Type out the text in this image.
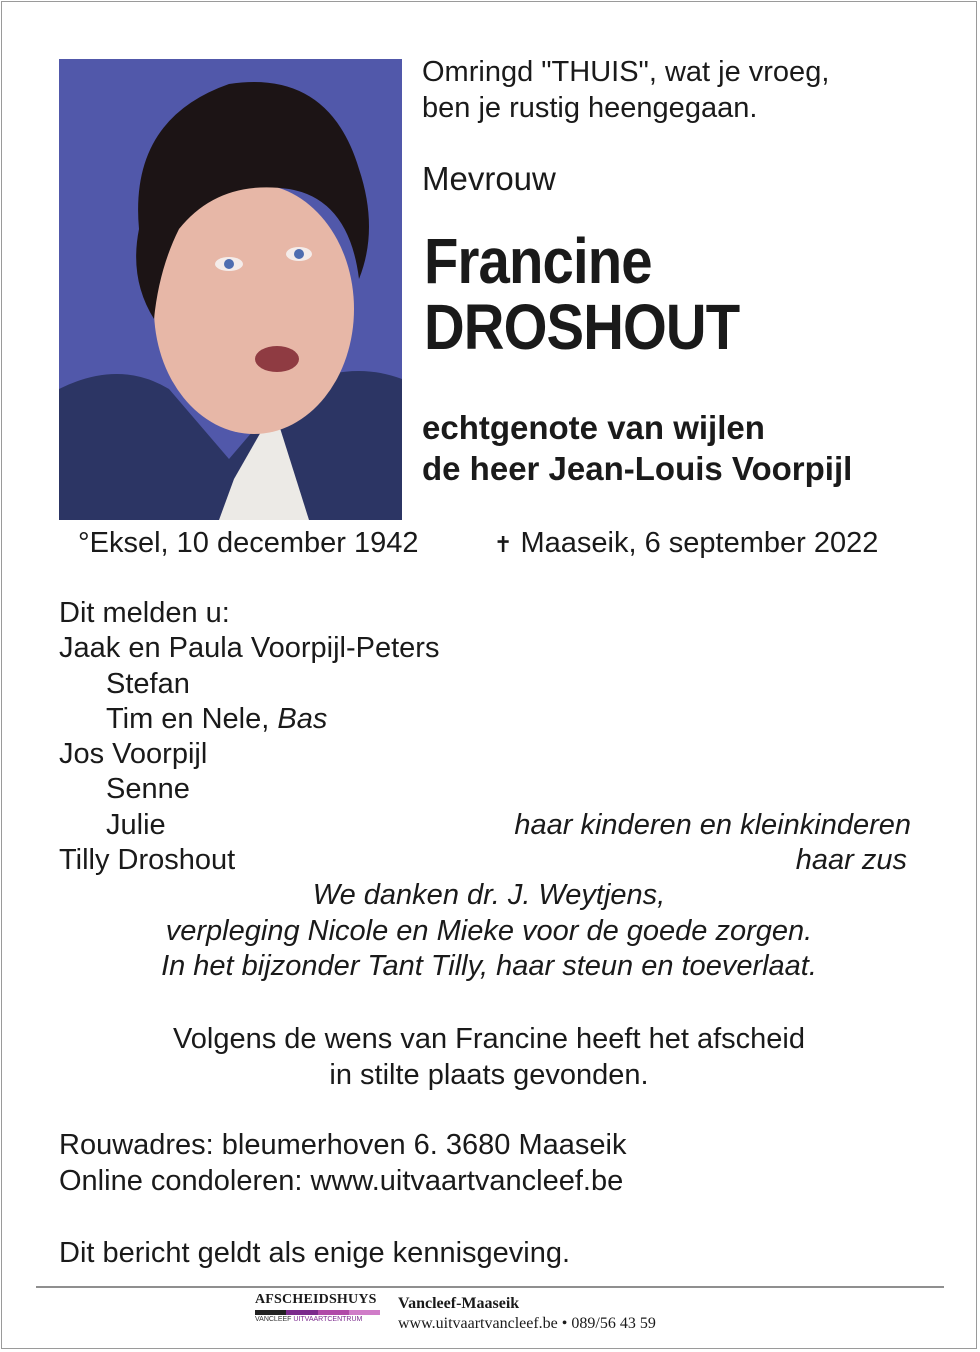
Omringd "THUIS", wat je vroeg,
ben je rustig heengegaan.
Mevrouw
Francine
DROSHOUT
echtgenote van wijlen
de heer Jean-Louis Voorpijl
°Eksel, 10 december 1942	✝ Maaseik, 6 september 2022
Dit melden u:
Jaak en Paula Voorpijl-Peters
Stefan
Tim en Nele, Bas
Jos Voorpijl
Senne
Julie	haar kinderen en kleinkinderen
Tilly Droshout	haar zus
We danken dr. J. Weytjens,
verpleging Nicole en Mieke voor de goede zorgen.
In het bijzonder Tant Tilly, haar steun en toeverlaat.
Volgens de wens van Francine heeft het afscheid
in stilte plaats gevonden.
Rouwadres: bleumerhoven 6. 3680 Maaseik
Online condoleren: www.uitvaartvancleef.be
Dit bericht geldt als enige kennisgeving.
AFSCHEIDSHUYS
VANCLEEF UITVAARTCENTRUM
Vancleef-Maaseik
www.uitvaartvancleef.be • 089/56 43 59
